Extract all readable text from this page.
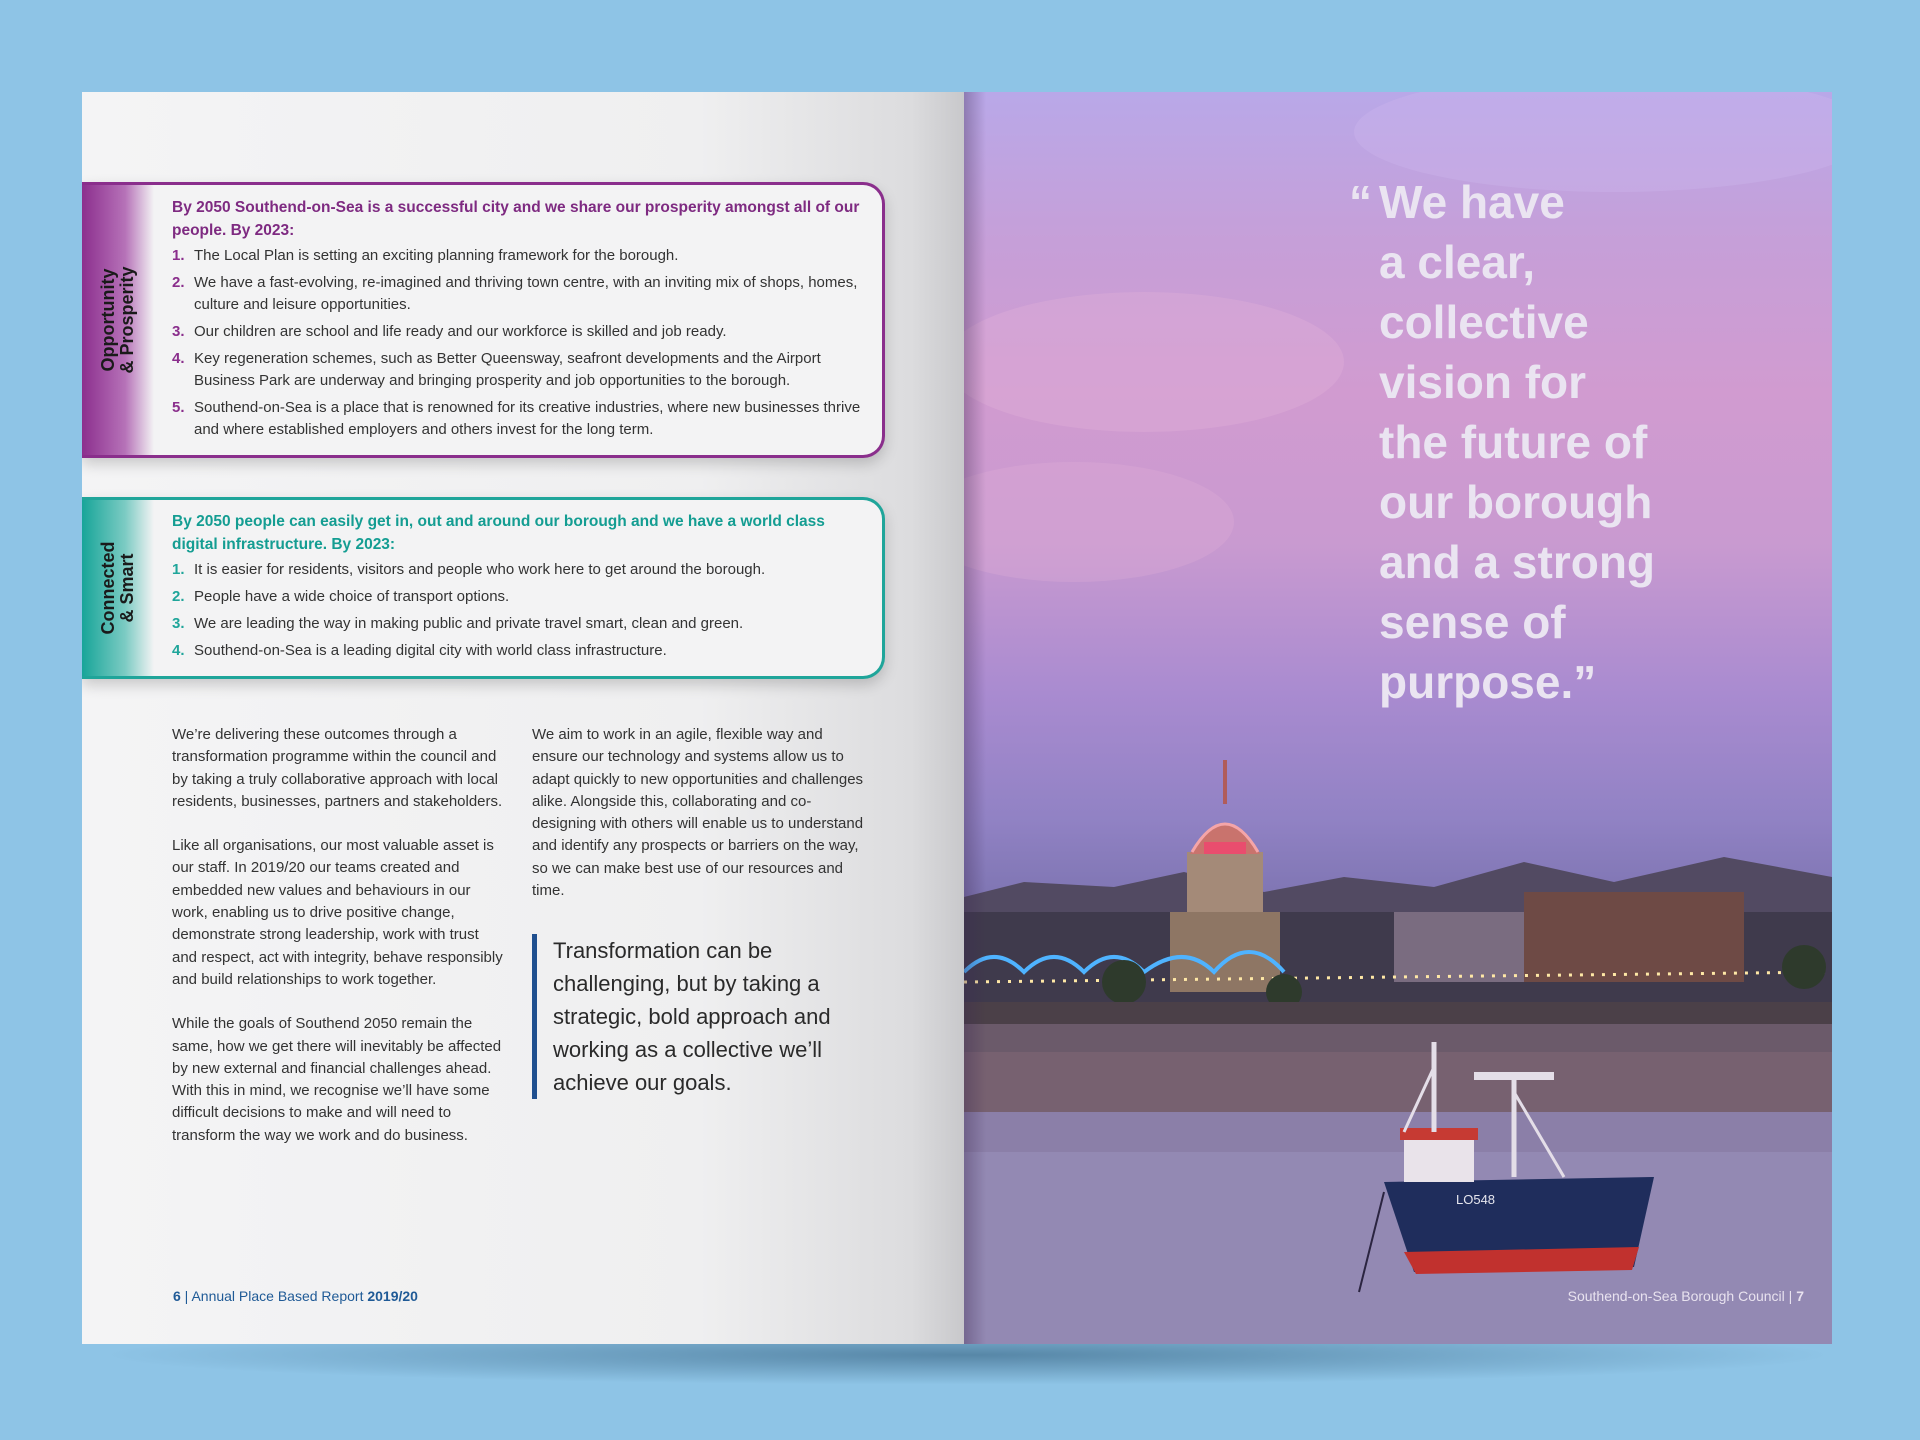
Opportunity & Prosperity
By 2050 Southend-on-Sea is a successful city and we share our prosperity amongst all of our people. By 2023:
1. The Local Plan is setting an exciting planning framework for the borough.
2. We have a fast-evolving, re-imagined and thriving town centre, with an inviting mix of shops, homes, culture and leisure opportunities.
3. Our children are school and life ready and our workforce is skilled and job ready.
4. Key regeneration schemes, such as Better Queensway, seafront developments and the Airport Business Park are underway and bringing prosperity and job opportunities to the borough.
5. Southend-on-Sea is a place that is renowned for its creative industries, where new businesses thrive and where established employers and others invest for the long term.
Connected & Smart
By 2050 people can easily get in, out and around our borough and we have a world class digital infrastructure. By 2023:
1. It is easier for residents, visitors and people who work here to get around the borough.
2. People have a wide choice of transport options.
3. We are leading the way in making public and private travel smart, clean and green.
4. Southend-on-Sea is a leading digital city with world class infrastructure.

We’re delivering these outcomes through a transformation programme within the council and by taking a truly collaborative approach with local residents, businesses, partners and stakeholders.

Like all organisations, our most valuable asset is our staff. In 2019/20 our teams created and embedded new values and behaviours in our work, enabling us to drive positive change, demonstrate strong leadership, work with trust and respect, act with integrity, behave responsibly and build relationships to work together.

While the goals of Southend 2050 remain the same, how we get there will inevitably be affected by new external and financial challenges ahead. With this in mind, we recognise we’ll have some difficult decisions to make and will need to transform the way we work and do business.

We aim to work in an agile, flexible way and ensure our technology and systems allow us to adapt quickly to new opportunities and challenges alike. Alongside this, collaborating and co-designing with others will enable us to understand and identify any prospects or barriers on the way, so we can make best use of our resources and time.

Transformation can be challenging, but by taking a strategic, bold approach and working as a collective we’ll achieve our goals.
6 | Annual Place Based Report 2019/20
LO548
“ We have
a clear,
collective
vision for
the future of
our borough
and a strong
sense of
purpose.”
Southend-on-Sea Borough Council | 7
